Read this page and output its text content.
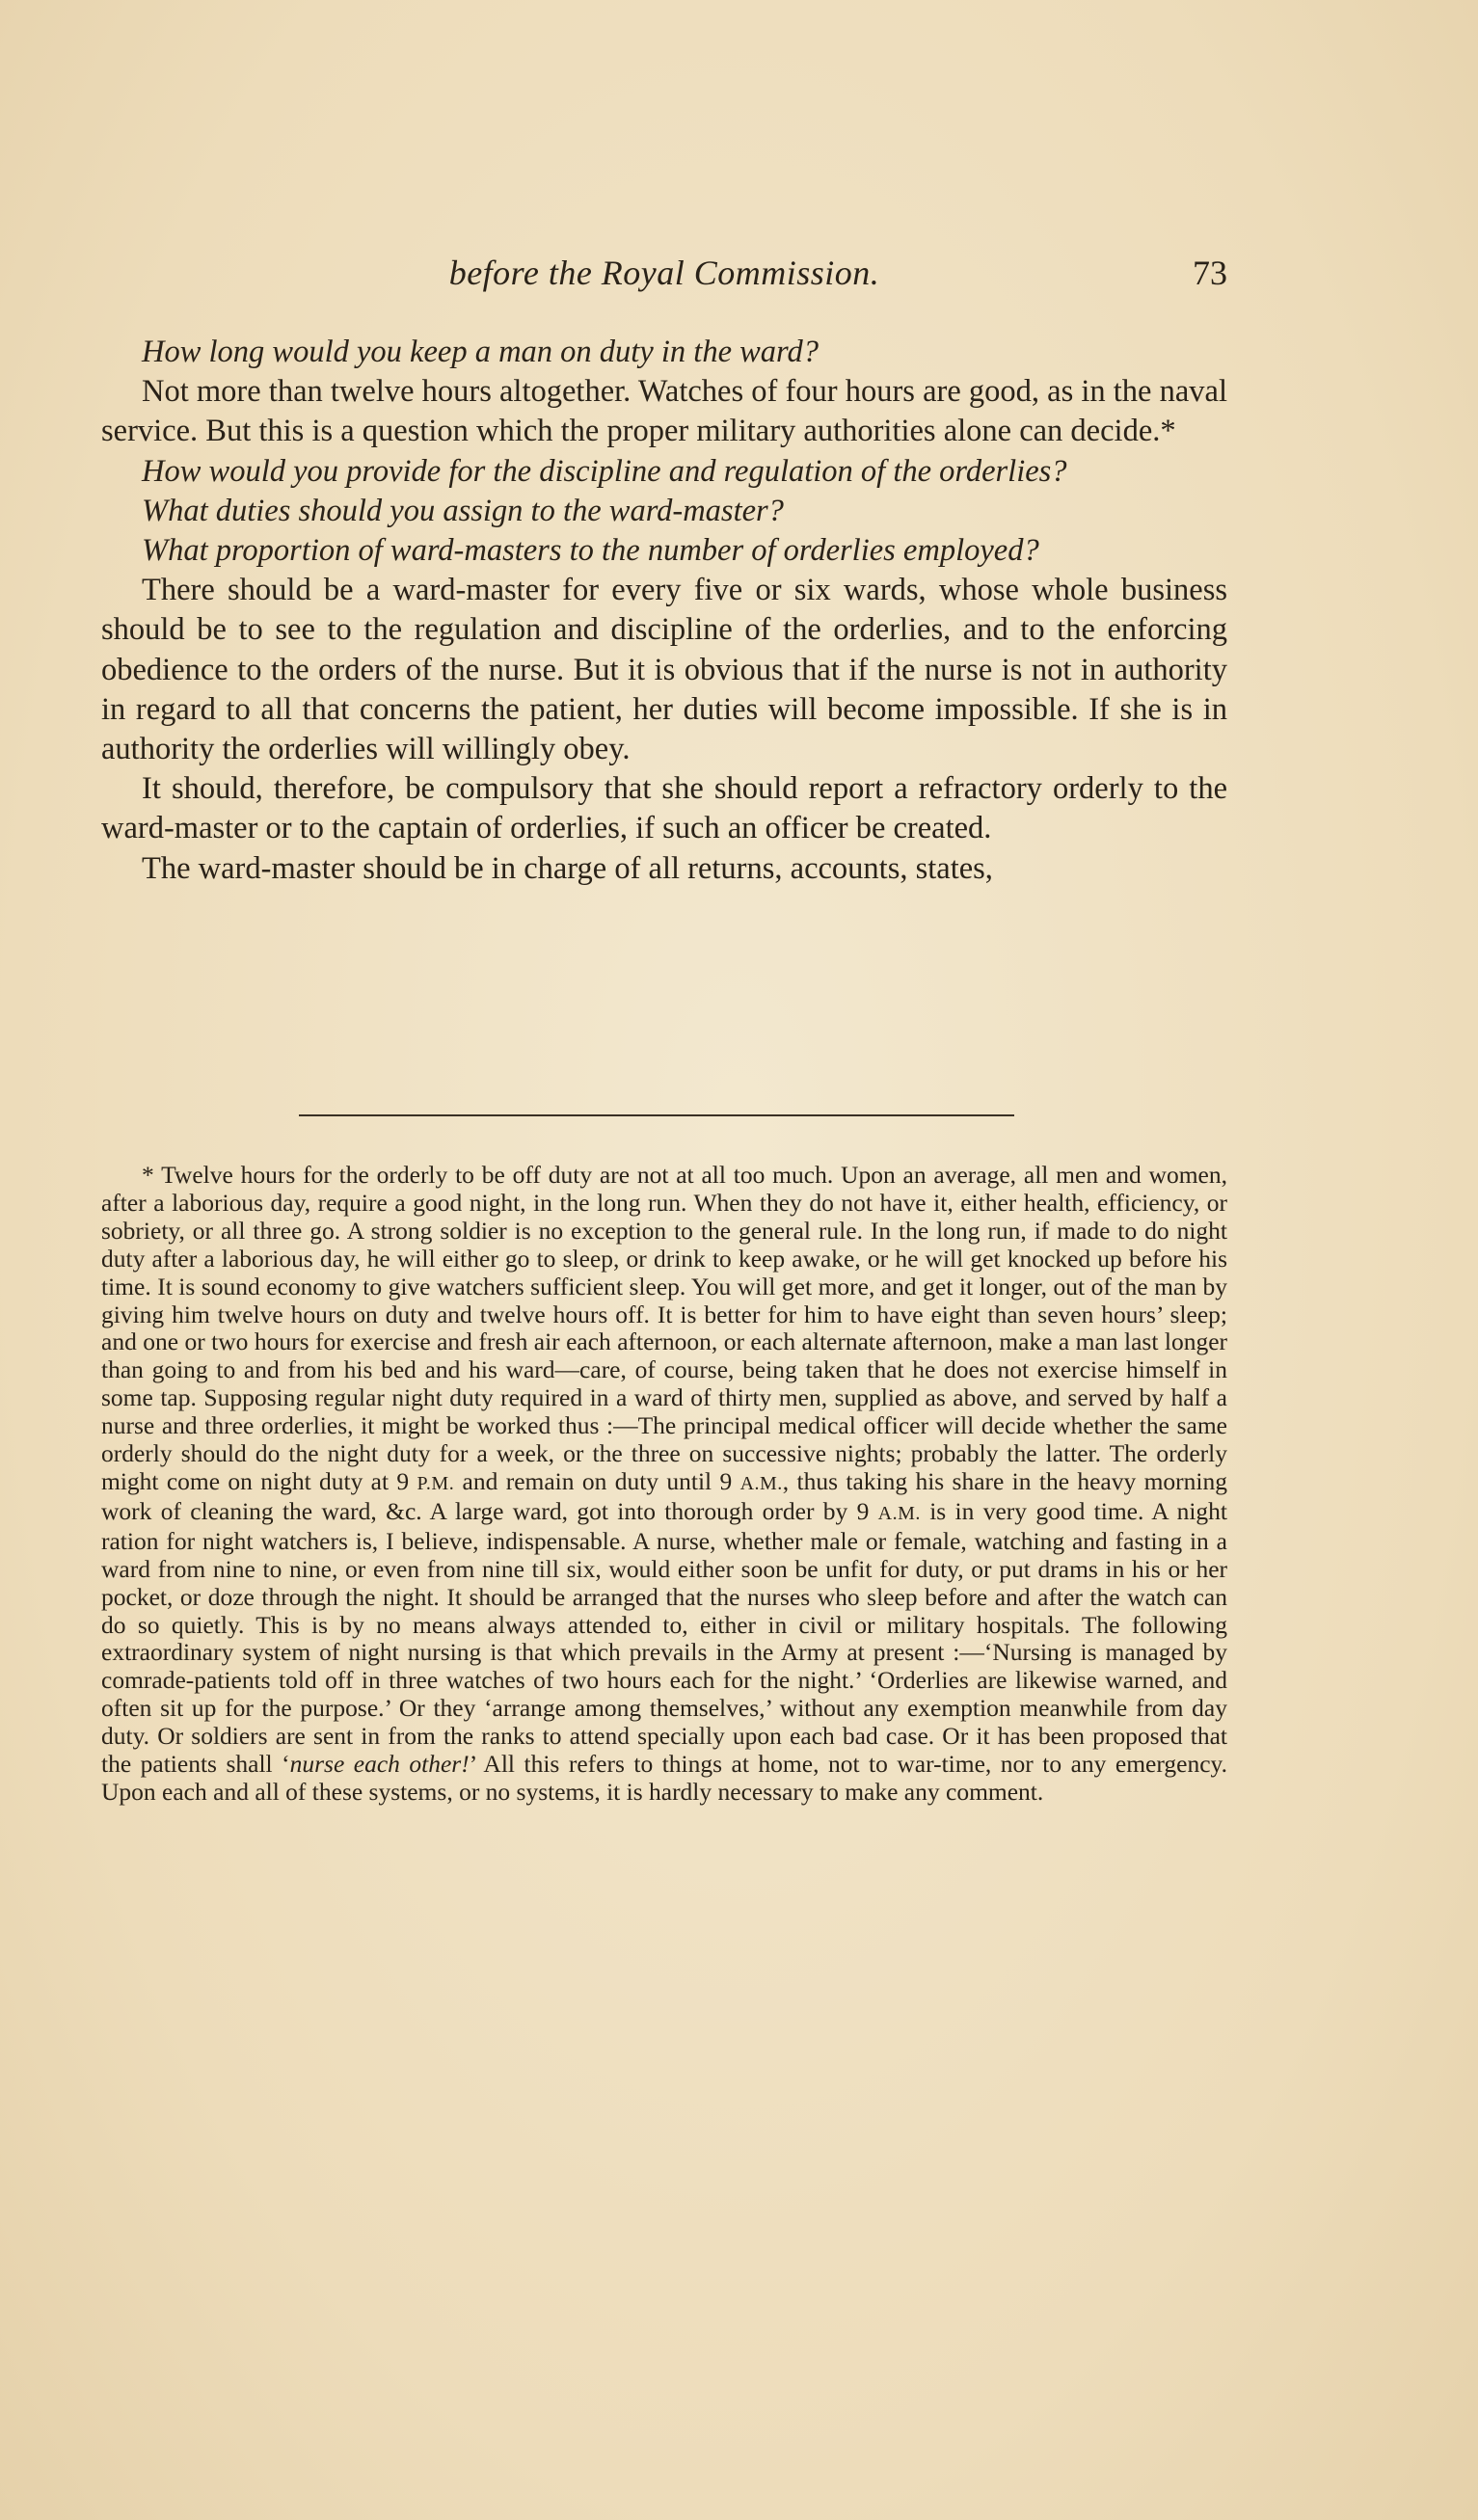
before the Royal Commission.	73

How long would you keep a man on duty in the ward?

Not more than twelve hours altogether. Watches of four hours are good, as in the naval service. But this is a question which the proper military authorities alone can decide.*

How would you provide for the discipline and regulation of the orderlies?

What duties should you assign to the ward-master?

What proportion of ward-masters to the number of orderlies employed?

There should be a ward-master for every five or six wards, whose whole business should be to see to the regulation and discipline of the orderlies, and to the enforcing obedience to the orders of the nurse. But it is obvious that if the nurse is not in authority in regard to all that concerns the patient, her duties will become impossible. If she is in authority the orderlies will willingly obey.

It should, therefore, be compulsory that she should report a refractory orderly to the ward-master or to the captain of orderlies, if such an officer be created.

The ward-master should be in charge of all returns, accounts, states,

* Twelve hours for the orderly to be off duty are not at all too much. Upon an average, all men and women, after a laborious day, require a good night, in the long run. When they do not have it, either health, efficiency, or sobriety, or all three go. A strong soldier is no exception to the general rule. In the long run, if made to do night duty after a laborious day, he will either go to sleep, or drink to keep awake, or he will get knocked up before his time. It is sound economy to give watchers sufficient sleep. You will get more, and get it longer, out of the man by giving him twelve hours on duty and twelve hours off. It is better for him to have eight than seven hours’ sleep; and one or two hours for exercise and fresh air each afternoon, or each alternate afternoon, make a man last longer than going to and from his bed and his ward—care, of course, being taken that he does not exercise himself in some tap. Supposing regular night duty required in a ward of thirty men, supplied as above, and served by half a nurse and three orderlies, it might be worked thus :—The principal medical officer will decide whether the same orderly should do the night duty for a week, or the three on successive nights; probably the latter. The orderly might come on night duty at 9 P.M. and remain on duty until 9 A.M., thus taking his share in the heavy morning work of cleaning the ward, &c. A large ward, got into thorough order by 9 A.M. is in very good time. A night ration for night watchers is, I believe, indispensable. A nurse, whether male or female, watching and fasting in a ward from nine to nine, or even from nine till six, would either soon be unfit for duty, or put drams in his or her pocket, or doze through the night. It should be arranged that the nurses who sleep before and after the watch can do so quietly. This is by no means always attended to, either in civil or military hospitals. The following extraordinary system of night nursing is that which prevails in the Army at present :—‘Nursing is managed by comrade-patients told off in three watches of two hours each for the night.’ ‘Orderlies are likewise warned, and often sit up for the purpose.’ Or they ‘arrange among themselves,’ without any exemption meanwhile from day duty. Or soldiers are sent in from the ranks to attend specially upon each bad case. Or it has been proposed that the patients shall ‘nurse each other!’ All this refers to things at home, not to war-time, nor to any emergency. Upon each and all of these systems, or no systems, it is hardly necessary to make any comment.
